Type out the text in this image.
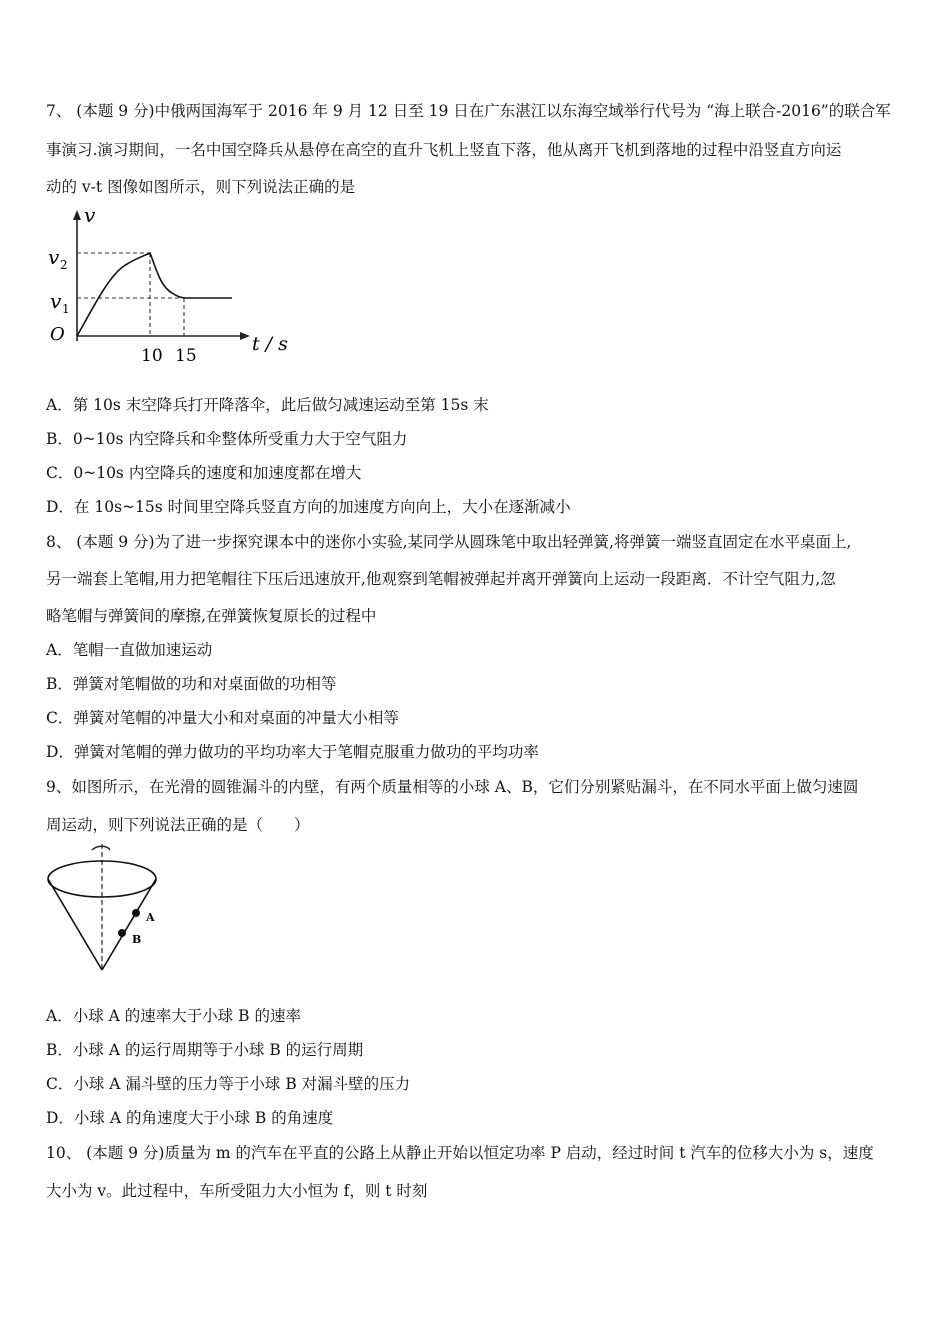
7、 (本题 9 分)中俄两国海军于 2016 年 9 月 12 日至 19 日在广东湛江以东海空域举行代号为 “海上联合-2016”的联合军
事演习.演习期间，一名中国空降兵从悬停在高空的直升飞机上竖直下落，他从离开飞机到落地的过程中沿竖直方向运
动的 v-t 图像如图所示，则下列说法正确的是
v
v 2
v 1
O
10 15
t / s
A．第 10s 末空降兵打开降落伞，此后做匀减速运动至第 15s 末
B．0~10s 内空降兵和伞整体所受重力大于空气阻力
C．0~10s 内空降兵的速度和加速度都在增大
D．在 10s~15s 时间里空降兵竖直方向的加速度方向向上，大小在逐渐减小
8、 (本题 9 分)为了进一步探究课本中的迷你小实验,某同学从圆珠笔中取出轻弹簧,将弹簧一端竖直固定在水平桌面上,
另一端套上笔帽,用力把笔帽往下压后迅速放开,他观察到笔帽被弹起并离开弹簧向上运动一段距离．不计空气阻力,忽
略笔帽与弹簧间的摩擦,在弹簧恢复原长的过程中
A．笔帽一直做加速运动
B．弹簧对笔帽做的功和对桌面做的功相等
C．弹簧对笔帽的冲量大小和对桌面的冲量大小相等
D．弹簧对笔帽的弹力做功的平均功率大于笔帽克服重力做功的平均功率
9、如图所示，在光滑的圆锥漏斗的内壁，有两个质量相等的小球 A、B，它们分别紧贴漏斗，在不同水平面上做匀速圆
周运动，则下列说法正确的是（　　）
A
B
A．小球 A 的速率大于小球 B 的速率
B．小球 A 的运行周期等于小球 B 的运行周期
C．小球 A 漏斗壁的压力等于小球 B 对漏斗壁的压力
D．小球 A 的角速度大于小球 B 的角速度
10、 (本题 9 分)质量为 m 的汽车在平直的公路上从静止开始以恒定功率 P 启动，经过时间 t 汽车的位移大小为 s，速度
大小为 v。此过程中，车所受阻力大小恒为 f，则 t 时刻
